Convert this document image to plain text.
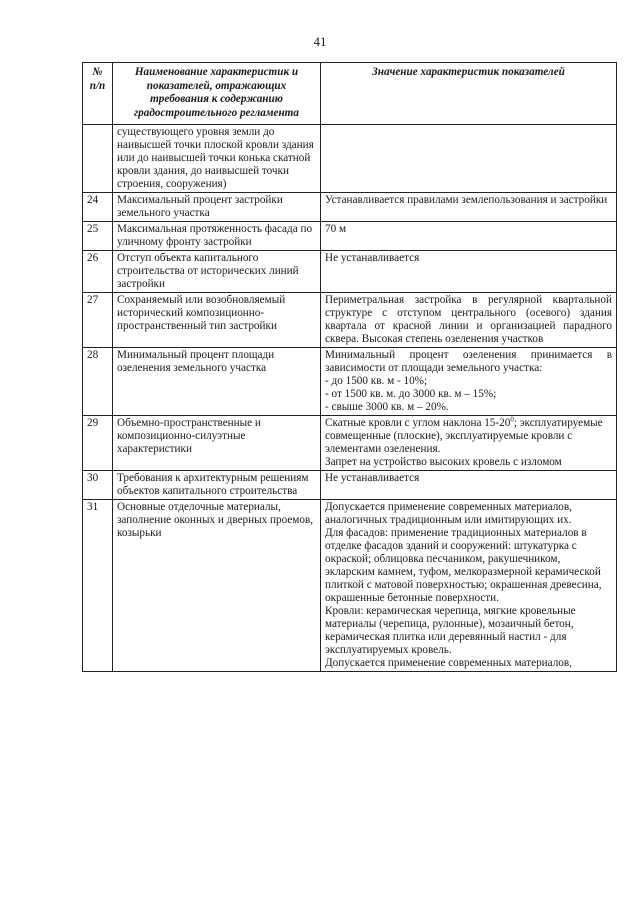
41
№ п/п	Наименование характеристик и показателей, отражающих требования к содержанию градостроительного регламента	Значение характеристик показателей
	существующего уровня земли до наивысшей точки плоской кровли здания или до наивысшей точки конька скатной кровли здания, до наивысшей точки строения, сооружения)	
24	Максимальный процент застройки земельного участка	Устанавливается правилами землепользования и застройки
25	Максимальная протяженность фасада по уличному фронту застройки	70 м
26	Отступ объекта капитального строительства от исторических линий застройки	Не устанавливается
27	Сохраняемый или возобновляемый исторический композиционно-пространственный тип застройки	Периметральная застройка в регулярной квартальной структуре с отступом центрального (осевого) здания квартала от красной линии и организацией парадного сквера. Высокая степень озеленения участков
28	Минимальный процент площади озеленения земельного участка	Минимальный процент озеленения принимается в зависимости от площади земельного участка:
- до 1500 кв. м - 10%;
- от 1500 кв. м. до 3000 кв. м – 15%;
- свыше 3000 кв. м – 20%.

29	Объемно-пространственные и композиционно-силуэтные характеристики	Скатные кровли с углом наклона $15-20^0$; эксплуатируемые совмещенные (плоские), эксплуатируемые кровли с элементами озеленения.
Запрет на устройство высоких кровель с изломом

30	Требования к архитектурным решениям объектов капитального строительства	Не устанавливается
31	Основные отделочные материалы, заполнение оконных и дверных проемов, козырьки	Допускается применение современных материалов, аналогичных традиционным или имитирующих их.
Для фасадов: применение традиционных материалов в отделке фасадов зданий и сооружений: штукатурка с окраской; облицовка песчаником, ракушечником, экларским камнем, туфом, мелкоразмерной керамической плиткой с матовой поверхностью; окрашенная древесина, окрашенные бетонные поверхности.
Кровли: керамическая черепица, мягкие кровельные материалы (черепица, рулонные), мозаичный бетон, керамическая плитка или деревянный настил - для эксплуатируемых кровель.
Допускается применение современных материалов,
